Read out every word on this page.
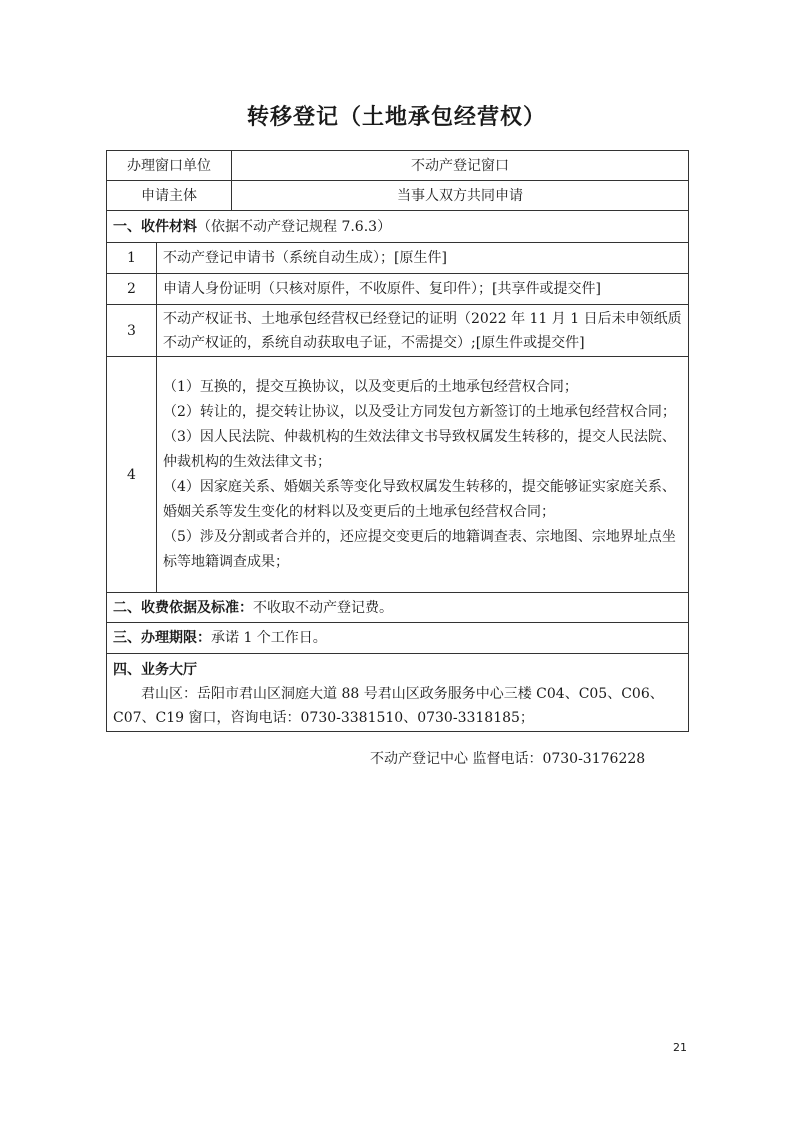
转移登记（土地承包经营权）
办理窗口单位		不动产登记窗口
申请主体		当事人双方共同申请
一、收件材料（依据不动产登记规程 7.6.3）		
1	不动产登记申请书（系统自动生成）；[原生件]	
2	申请人身份证明（只核对原件，不收原件、复印件）；[共享件或提交件]	
3	不动产权证书、土地承包经营权已经登记的证明（2022 年 11 月 1 日后未申领纸质不动产权证的，系统自动获取电子证，不需提交）;[原生件或提交件]	
4	（1）互换的，提交互换协议，以及变更后的土地承包经营权合同；
（2）转让的，提交转让协议，以及受让方同发包方新签订的土地承包经营权合同；
（3）因人民法院、仲裁机构的生效法律文书导致权属发生转移的，提交人民法院、仲裁机构的生效法律文书；
（4）因家庭关系、婚姻关系等变化导致权属发生转移的，提交能够证实家庭关系、婚姻关系等发生变化的材料以及变更后的土地承包经营权合同；
（5）涉及分割或者合并的，还应提交变更后的地籍调查表、宗地图、宗地界址点坐标等地籍调查成果；	

二、收费依据及标准：不收取不动产登记费。		
三、办理期限：承诺 1 个工作日。		

四、业务大厅
君山区：岳阳市君山区洞庭大道 88 号君山区政务服务中心三楼 C04、C05、C06、C07、C19 窗口，咨询电话：0730-3381510、0730-3318185；		
不动产登记中心 监督电话：0730-3176228
21
